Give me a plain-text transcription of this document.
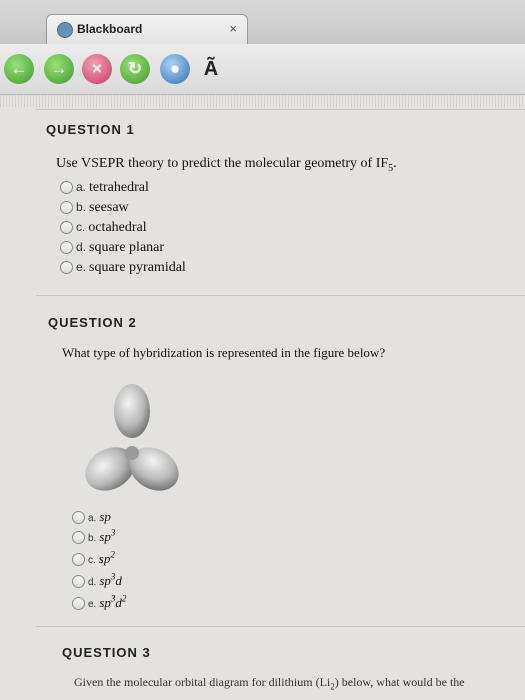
Blackboard	×
←	→	×	↻	●	Ã
QUESTION 1
Use VSEPR theory to predict the molecular geometry of $IF_5$.
a. tetrahedral
b. seesaw
c. octahedral
d. square planar
e. square pyramidal
QUESTION 2
What type of hybridization is represented in the figure below?
a. sp
b. $sp^3$
c. $sp^2$
d. $sp^3d$
e. $sp^3d^2$
QUESTION 3
Given the molecular orbital diagram for dilithium $(Li_2)$ below, what would be the
